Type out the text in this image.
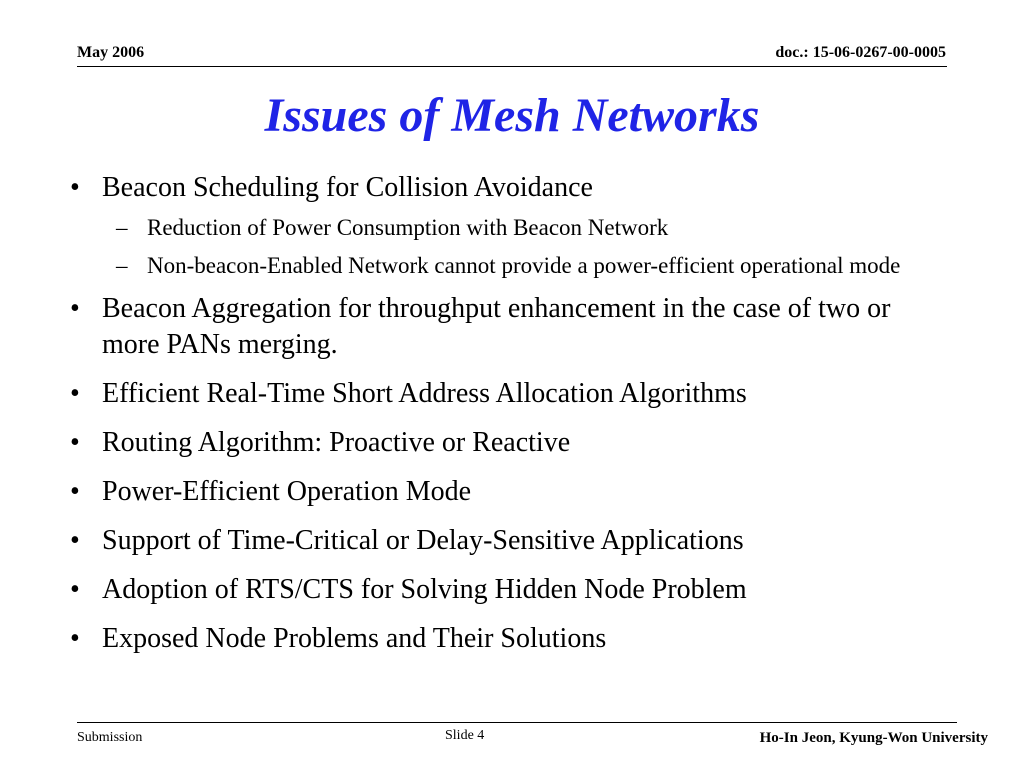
May 2006	doc.: 15-06-0267-00-0005
Issues of Mesh Networks
• Beacon Scheduling for Collision Avoidance
– Reduction of Power Consumption with Beacon Network
– Non-beacon-Enabled Network cannot provide a power-efficient operational mode
• Beacon Aggregation for throughput enhancement in the case of two or more PANs merging.
• Efficient Real-Time Short Address Allocation Algorithms
• Routing Algorithm: Proactive or Reactive
• Power-Efficient Operation Mode
• Support of Time-Critical or Delay-Sensitive Applications
• Adoption of RTS/CTS for Solving Hidden Node Problem
• Exposed Node Problems and Their Solutions
Submission	Slide 4	Ho-In Jeon, Kyung-Won University
